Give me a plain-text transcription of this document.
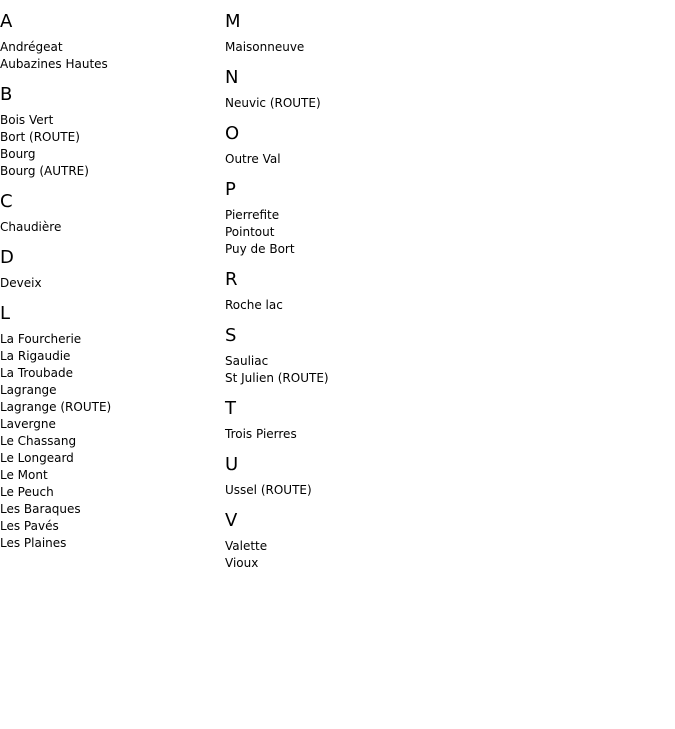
A
Andrégeat
Aubazines Hautes
B
Bois Vert
Bort (ROUTE)
Bourg
Bourg (AUTRE)
C
Chaudière
D
Deveix
L
La Fourcherie
La Rigaudie
La Troubade
Lagrange
Lagrange (ROUTE)
Lavergne
Le Chassang
Le Longeard
Le Mont
Le Peuch
Les Baraques
Les Pavés
Les Plaines
M
Maisonneuve
N
Neuvic (ROUTE)
O
Outre Val
P
Pierrefite
Pointout
Puy de Bort
R
Roche lac
S
Sauliac
St Julien (ROUTE)
T
Trois Pierres
U
Ussel (ROUTE)
V
Valette
Vioux
